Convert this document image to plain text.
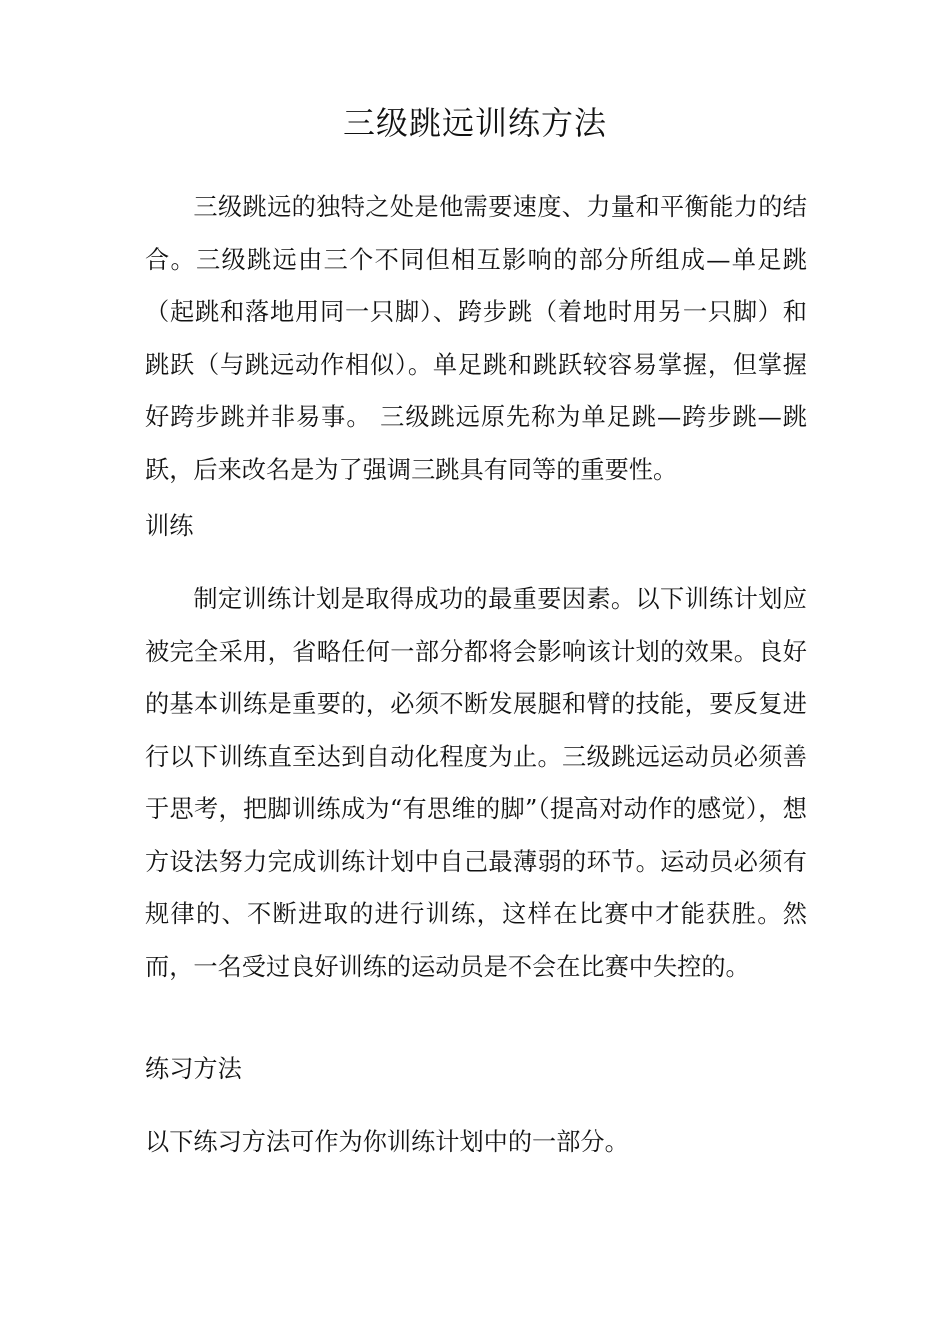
三级跳远训练方法

三级跳远的独特之处是他需要速度、力量和平衡能力的结合。三级跳远由三个不同但相互影响的部分所组成—单足跳（起跳和落地用同一只脚）、跨步跳（着地时用另一只脚）和跳跃（与跳远动作相似）。单足跳和跳跃较容易掌握，但掌握好跨步跳并非易事。 三级跳远原先称为单足跳—跨步跳—跳跃，后来改名是为了强调三跳具有同等的重要性。

训练

制定训练计划是取得成功的最重要因素。以下训练计划应被完全采用，省略任何一部分都将会影响该计划的效果。良好的基本训练是重要的，必须不断发展腿和臂的技能，要反复进行以下训练直至达到自动化程度为止。三级跳远运动员必须善于思考，把脚训练成为“有思维的脚”（提高对动作的感觉），想方设法努力完成训练计划中自己最薄弱的环节。运动员必须有规律的、不断进取的进行训练，这样在比赛中才能获胜。然而，一名受过良好训练的运动员是不会在比赛中失控的。

练习方法

以下练习方法可作为你训练计划中的一部分。
